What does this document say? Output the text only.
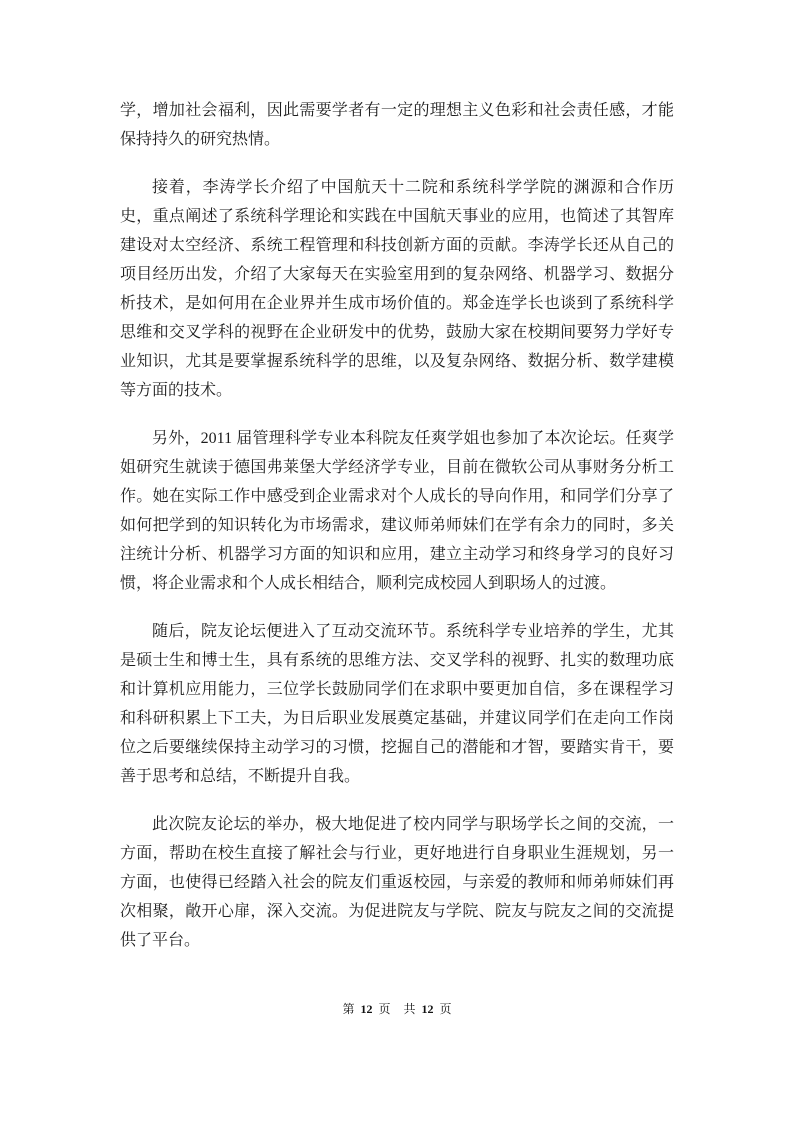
学，增加社会福利，因此需要学者有一定的理想主义色彩和社会责任感，才能保持持久的研究热情。

接着，李涛学长介绍了中国航天十二院和系统科学学院的渊源和合作历史，重点阐述了系统科学理论和实践在中国航天事业的应用，也简述了其智库建设对太空经济、系统工程管理和科技创新方面的贡献。李涛学长还从自己的项目经历出发，介绍了大家每天在实验室用到的复杂网络、机器学习、数据分析技术，是如何用在企业界并生成市场价值的。郑金连学长也谈到了系统科学思维和交叉学科的视野在企业研发中的优势，鼓励大家在校期间要努力学好专业知识，尤其是要掌握系统科学的思维，以及复杂网络、数据分析、数学建模等方面的技术。

另外，2011 届管理科学专业本科院友任爽学姐也参加了本次论坛。任爽学姐研究生就读于德国弗莱堡大学经济学专业，目前在微软公司从事财务分析工作。她在实际工作中感受到企业需求对个人成长的导向作用，和同学们分享了如何把学到的知识转化为市场需求，建议师弟师妹们在学有余力的同时，多关注统计分析、机器学习方面的知识和应用，建立主动学习和终身学习的良好习惯，将企业需求和个人成长相结合，顺利完成校园人到职场人的过渡。

随后，院友论坛便进入了互动交流环节。系统科学专业培养的学生，尤其是硕士生和博士生，具有系统的思维方法、交叉学科的视野、扎实的数理功底和计算机应用能力，三位学长鼓励同学们在求职中要更加自信，多在课程学习和科研积累上下工夫，为日后职业发展奠定基础，并建议同学们在走向工作岗位之后要继续保持主动学习的习惯，挖掘自己的潜能和才智，要踏实肯干，要善于思考和总结，不断提升自我。

此次院友论坛的举办，极大地促进了校内同学与职场学长之间的交流，一方面，帮助在校生直接了解社会与行业，更好地进行自身职业生涯规划，另一方面，也使得已经踏入社会的院友们重返校园，与亲爱的教师和师弟师妹们再次相聚，敞开心扉，深入交流。为促进院友与学院、院友与院友之间的交流提供了平台。

第 12 页 共 12 页
